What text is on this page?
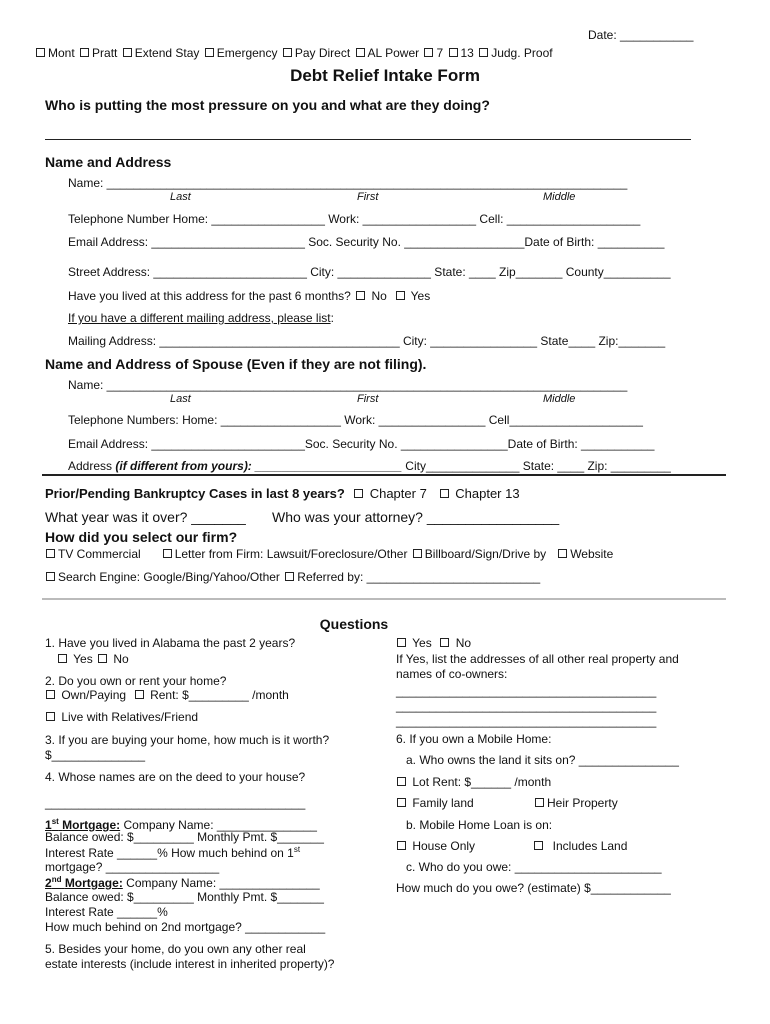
Date: ___________
Mont Pratt Extend Stay Emergency Pay Direct AL Power 7 13 Judg. Proof
Debt Relief Intake Form
Who is putting the most pressure on you and what are they doing?
Name and Address
Name: ______________________________________________________________________________
Last	First	Middle
Telephone Number Home: _________________ Work: _________________ Cell: ____________________
Email Address: _______________________ Soc. Security No. __________________Date of Birth: __________
Street Address: _______________________ City: ______________ State: ____ Zip_______ County__________
Have you lived at this address for the past 6 months? No Yes
If you have a different mailing address, please list:
Mailing Address: ____________________________________ City: ________________ State____ Zip:_______
Name and Address of Spouse (Even if they are not filing).
Name: ______________________________________________________________________________
Last	First	Middle
Telephone Numbers: Home: __________________ Work: ________________ Cell____________________
Email Address: _______________________Soc. Security No. ________________Date of Birth: ___________
Address (if different from yours): ______________________ City______________ State: ____ Zip: _________
Prior/Pending Bankruptcy Cases in last 8 years? Chapter 7 Chapter 13
What year was it over? _______ Who was your attorney? _________________
How did you select our firm?
TV Commercial	Letter from Firm: Lawsuit/Foreclosure/Other Billboard/Sign/Drive by Website
Search Engine: Google/Bing/Yahoo/Other Referred by: __________________________
Questions
1. Have you lived in Alabama the past 2 years?
Yes No
2. Do you own or rent your home?
Own/Paying Rent: $_________ /month
Live with Relatives/Friend
3. If you are buying your home, how much is it worth?
$______________
4. Whose names are on the deed to your house?
_______________________________________
1st Mortgage: Company Name: _______________
Balance owed: $_________ Monthly Pmt. $_______
Interest Rate ______% How much behind on 1st
mortgage? _________________
2nd Mortgage: Company Name: _______________
Balance owed: $_________ Monthly Pmt. $_______
Interest Rate ______%
How much behind on 2nd mortgage? ____________
5. Besides your home, do you own any other real
estate interests (include interest in inherited property)?
Yes No
If Yes, list the addresses of all other real property and
names of co-owners:
_______________________________________
_______________________________________
_______________________________________
6. If you own a Mobile Home:
a. Who owns the land it sits on? _______________
Lot Rent: $______ /month
Family land	Heir Property
b. Mobile Home Loan is on:
House Only	Includes Land
c. Who do you owe: ______________________
How much do you owe? (estimate) $____________
